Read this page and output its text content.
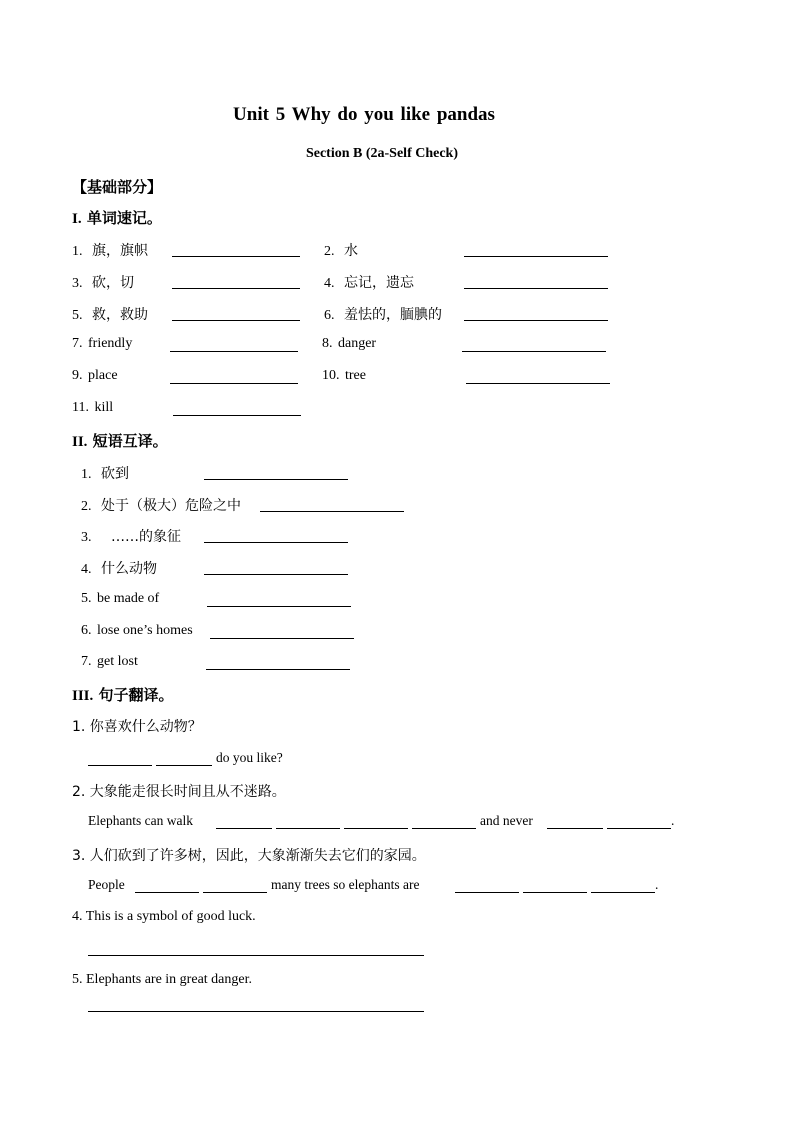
Unit 5 Why do you like pandas
Section B (2a-Self Check)
【基础部分】
I. 单词速记。
1. 旗，旗帜	2. 水
3. 砍，切	4. 忘记，遗忘
5. 救，救助	6. 羞怯的，腼腆的
7. friendly	8. danger
9. place	10. tree
11. kill
II. 短语互译。
1. 砍到
2. 处于（极大）危险之中
3. ……的象征
4. 什么动物
5. be made of
6. lose one’s homes
7. get lost
III. 句子翻译。
1. 你喜欢什么动物？
do you like?
2. 大象能走很长时间且从不迷路。
Elephants can walk	and never	.
3. 人们砍到了许多树，因此，大象渐渐失去它们的家园。
People	many trees so elephants are	.
4. This is a symbol of good luck.
5. Elephants are in great danger.
